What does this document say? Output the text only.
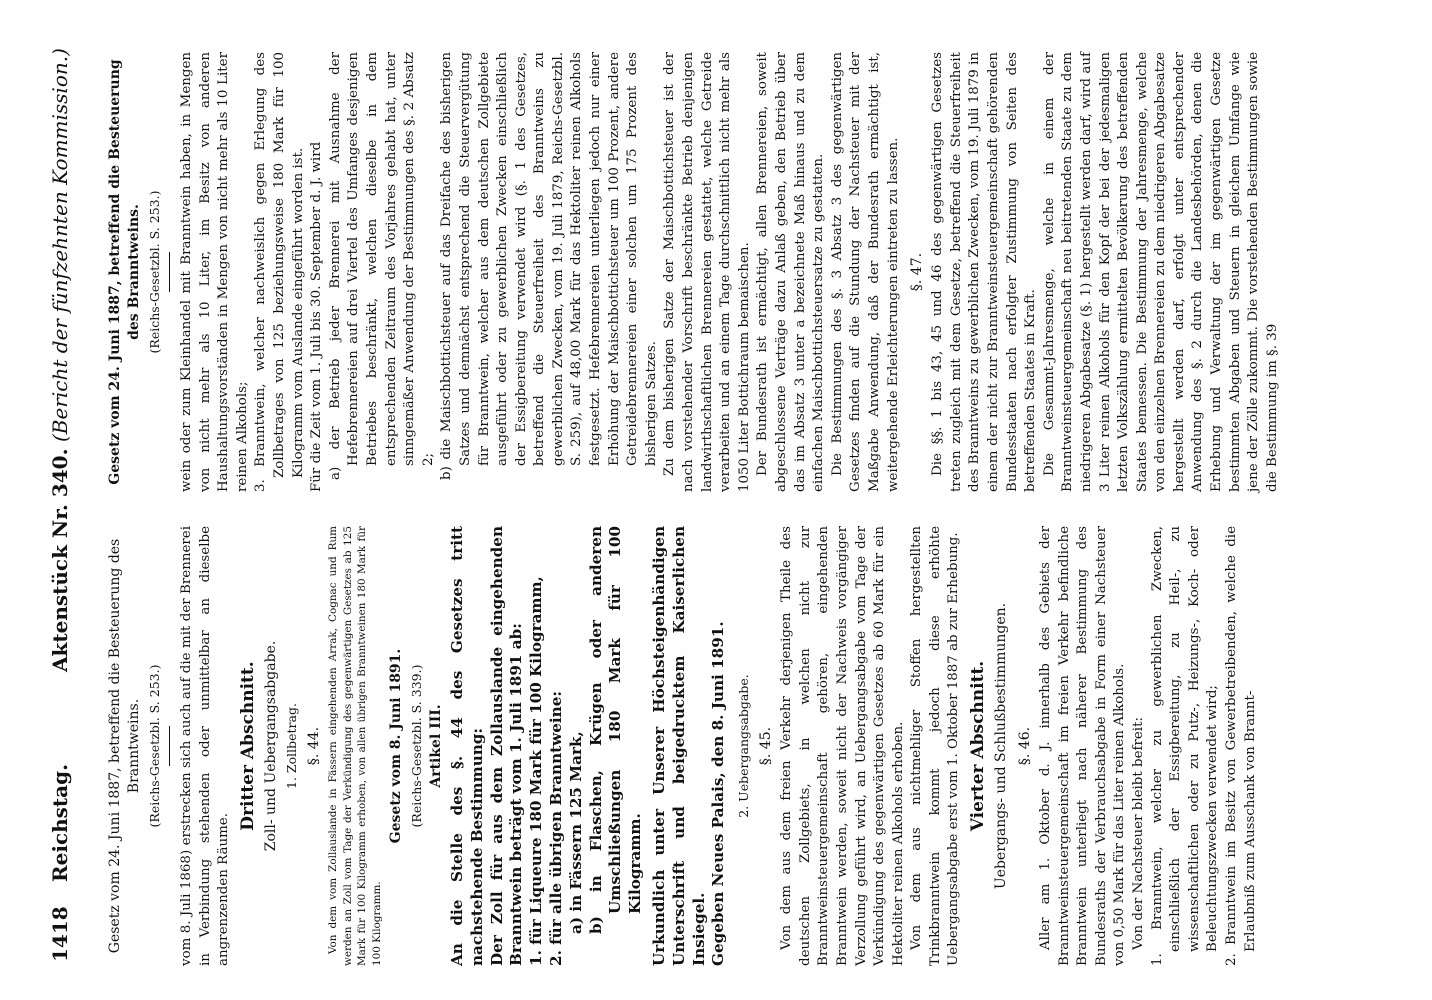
1418
Reichstag.
Aktenstück Nr. 340.
(Bericht der fünfzehnten Kommission.)
Gesetz vom 24. Juni 1887, betreffend die Besteuerung des Branntweins. (Reichs-Gesetzbl. S. 253.) vom 8. Juli 1868) erstrecken sich auch auf die mit der Brennerei in Verbindung stehenden oder unmittelbar an dieselbe angrenzenden Räume.

Dritter Abschnitt. Zoll- und Uebergangsabgabe. 1. Zollbetrag. §. 44. Von dem vom Zollauslande in Fässern eingehenden Arrak, Cognac und Rum werden an Zoll vom Tage der Verkündigung des gegenwärtigen Gesetzes ab 125 Mark für 100 Kilogramm erhoben, von allen übrigen Branntweinen 180 Mark für 100 Kilogramm.

Gesetz vom 8. Juni 1891. (Reichs-Gesetzbl. S. 339.) Artikel III. An die Stelle des §. 44 des Gesetzes tritt nachstehende Bestimmung: Der Zoll für aus dem Zollauslande eingehenden Branntwein beträgt vom 1. Juli 1891 ab: 1. für Liqueure 180 Mark für 100 Kilogramm, 2. für alle übrigen Branntweine: a) in Fässern 125 Mark, b) in Flaschen, Krügen oder anderen Umschließungen 180 Mark für 100 Kilogramm. Urkundlich unter Unserer Höchsteigenhändigen Unterschrift und beigedrucktem Kaiserlichen Insiegel. Gegeben Neues Palais, den 8. Juni 1891. 2. Uebergangsabgabe. §. 45. Von dem aus dem freien Verkehr derjenigen Theile des deutschen Zollgebiets, in welchen nicht zur Branntweinsteuergemeinschaft gehören, eingehenden Branntwein werden, soweit nicht der Nachweis vorgängiger Verzollung geführt wird, an Uebergangsabgabe vom Tage der Verkündigung des gegenwärtigen Gesetzes ab 60 Mark für ein Hektoliter reinen Alkohols erhoben. Von dem aus nichtmehliger Stoffen hergestellten Trinkbranntwein kommt jedoch diese erhöhte Uebergangsabgabe erst vom 1. Oktober 1887 ab zur Erhebung. Vierter Abschnitt. Uebergangs- und Schlußbestimmungen. §. 46. Aller am 1. Oktober d. J. innerhalb des Gebiets der Branntweinsteuergemeinschaft im freien Verkehr befindliche Branntwein unterliegt nach näherer Bestimmung des Bundesraths der Verbrauchsabgabe in Form einer Nachsteuer von 0,50 Mark für das Liter reinen Alkohols. Von der Nachsteuer bleibt befreit: 1. Branntwein, welcher zu gewerblichen Zwecken, einschließlich der Essigbereitung, zu Heil-, zu wissenschaftlichen oder zu Putz-, Heizungs-, Koch- oder Beleuchtungszwecken verwendet wird; 2. Branntwein im Besitz von Gewerbetreibenden, welche die Erlaubniß zum Ausschank von Brannt-

Gesetz vom 24. Juni 1887, betreffend die Besteuerung des Branntweins. (Reichs-Gesetzbl. S. 253.) wein oder zum Kleinhandel mit Branntwein haben, in Mengen von nicht mehr als 10 Liter, im Besitz von anderen Haushaltungsvorständen in Mengen von nicht mehr als 10 Liter reinen Alkohols; 3. Branntwein, welcher nachweislich gegen Erlegung des Zollbetrages von 125 beziehungsweise 180 Mark für 100 Kilogramm vom Auslande eingeführt worden ist. Für die Zeit vom 1. Juli bis 30. September d. J. wird a) der Betrieb jeder Brennerei mit Ausnahme der Hefebrennereien auf drei Viertel des Umfanges desjenigen Betriebes beschränkt, welchen dieselbe in dem entsprechenden Zeitraum des Vorjahres gehabt hat, unter sinngemäßer Anwendung der Bestimmungen des §. 2 Absatz 2; b) die Maischbottichsteuer auf das Dreifache des bisherigen Satzes und demnächst entsprechend die Steuervergütung für Branntwein, welcher aus dem deutschen Zollgebiete ausgeführt oder zu gewerblichen Zwecken einschließlich der Essigbereitung verwendet wird (§. 1 des Gesetzes, betreffend die Steuerfreiheit des Branntweins zu gewerblichen Zwecken, vom 19. Juli 1879, Reichs-Gesetzbl. S. 259), auf 48,00 Mark für das Hektoliter reinen Alkohols festgesetzt. Hefebrennereien unterliegen jedoch nur einer Erhöhung der Maischbottichsteuer um 100 Prozent, andere Getreidebrennereien einer solchen um 175 Prozent des bisherigen Satzes. Zu dem bisherigen Satze der Maischbottichsteuer ist der nach vorstehender Vorschrift beschränkte Betrieb denjenigen landwirthschaftlichen Brennereien gestattet, welche Getreide verarbeiten und an einem Tage durchschnittlich nicht mehr als 1050 Liter Bottichraum bemaischen. Der Bundesrath ist ermächtigt, allen Brennereien, soweit abgeschlossene Verträge dazu Anlaß geben, den Betrieb über das im Absatz 3 unter a bezeichnete Maß hinaus und zu dem einfachen Maischbottichsteuersatze zu gestatten. Die Bestimmungen des §. 3 Absatz 3 des gegenwärtigen Gesetzes finden auf die Stundung der Nachsteuer mit der Maßgabe Anwendung, daß der Bundesrath ermächtigt ist, weitergehende Erleichterungen eintreten zu lassen. §. 47. Die §§. 1 bis 43, 45 und 46 des gegenwärtigen Gesetzes treten zugleich mit dem Gesetze, betreffend die Steuerfreiheit des Branntweins zu gewerblichen Zwecken, vom 19. Juli 1879 in einem der nicht zur Branntweinsteuergemeinschaft gehörenden Bundesstaaten nach erfolgter Zustimmung von Seiten des betreffenden Staates in Kraft. Die Gesammt-Jahresmenge, welche in einem der Branntweinsteuergemeinschaft neu beitretenden Staate zu dem niedrigeren Abgabesatze (§. 1) hergestellt werden darf, wird auf 3 Liter reinen Alkohols für den Kopf der bei der jedesmaligen letzten Volkszählung ermittelten Bevölkerung des betreffenden Staates bemessen. Die Bestimmung der Jahresmenge, welche von den einzelnen Brennereien zu dem niedrigeren Abgabesatze hergestellt werden darf, erfolgt unter entsprechender Anwendung des §. 2 durch die Landesbehörden, denen die Erhebung und Verwaltung der im gegenwärtigen Gesetze bestimmten Abgaben und Steuern in gleichem Umfange wie jene der Zölle zukommt. Die vorstehenden Bestimmungen sowie die Bestimmung im §. 39
